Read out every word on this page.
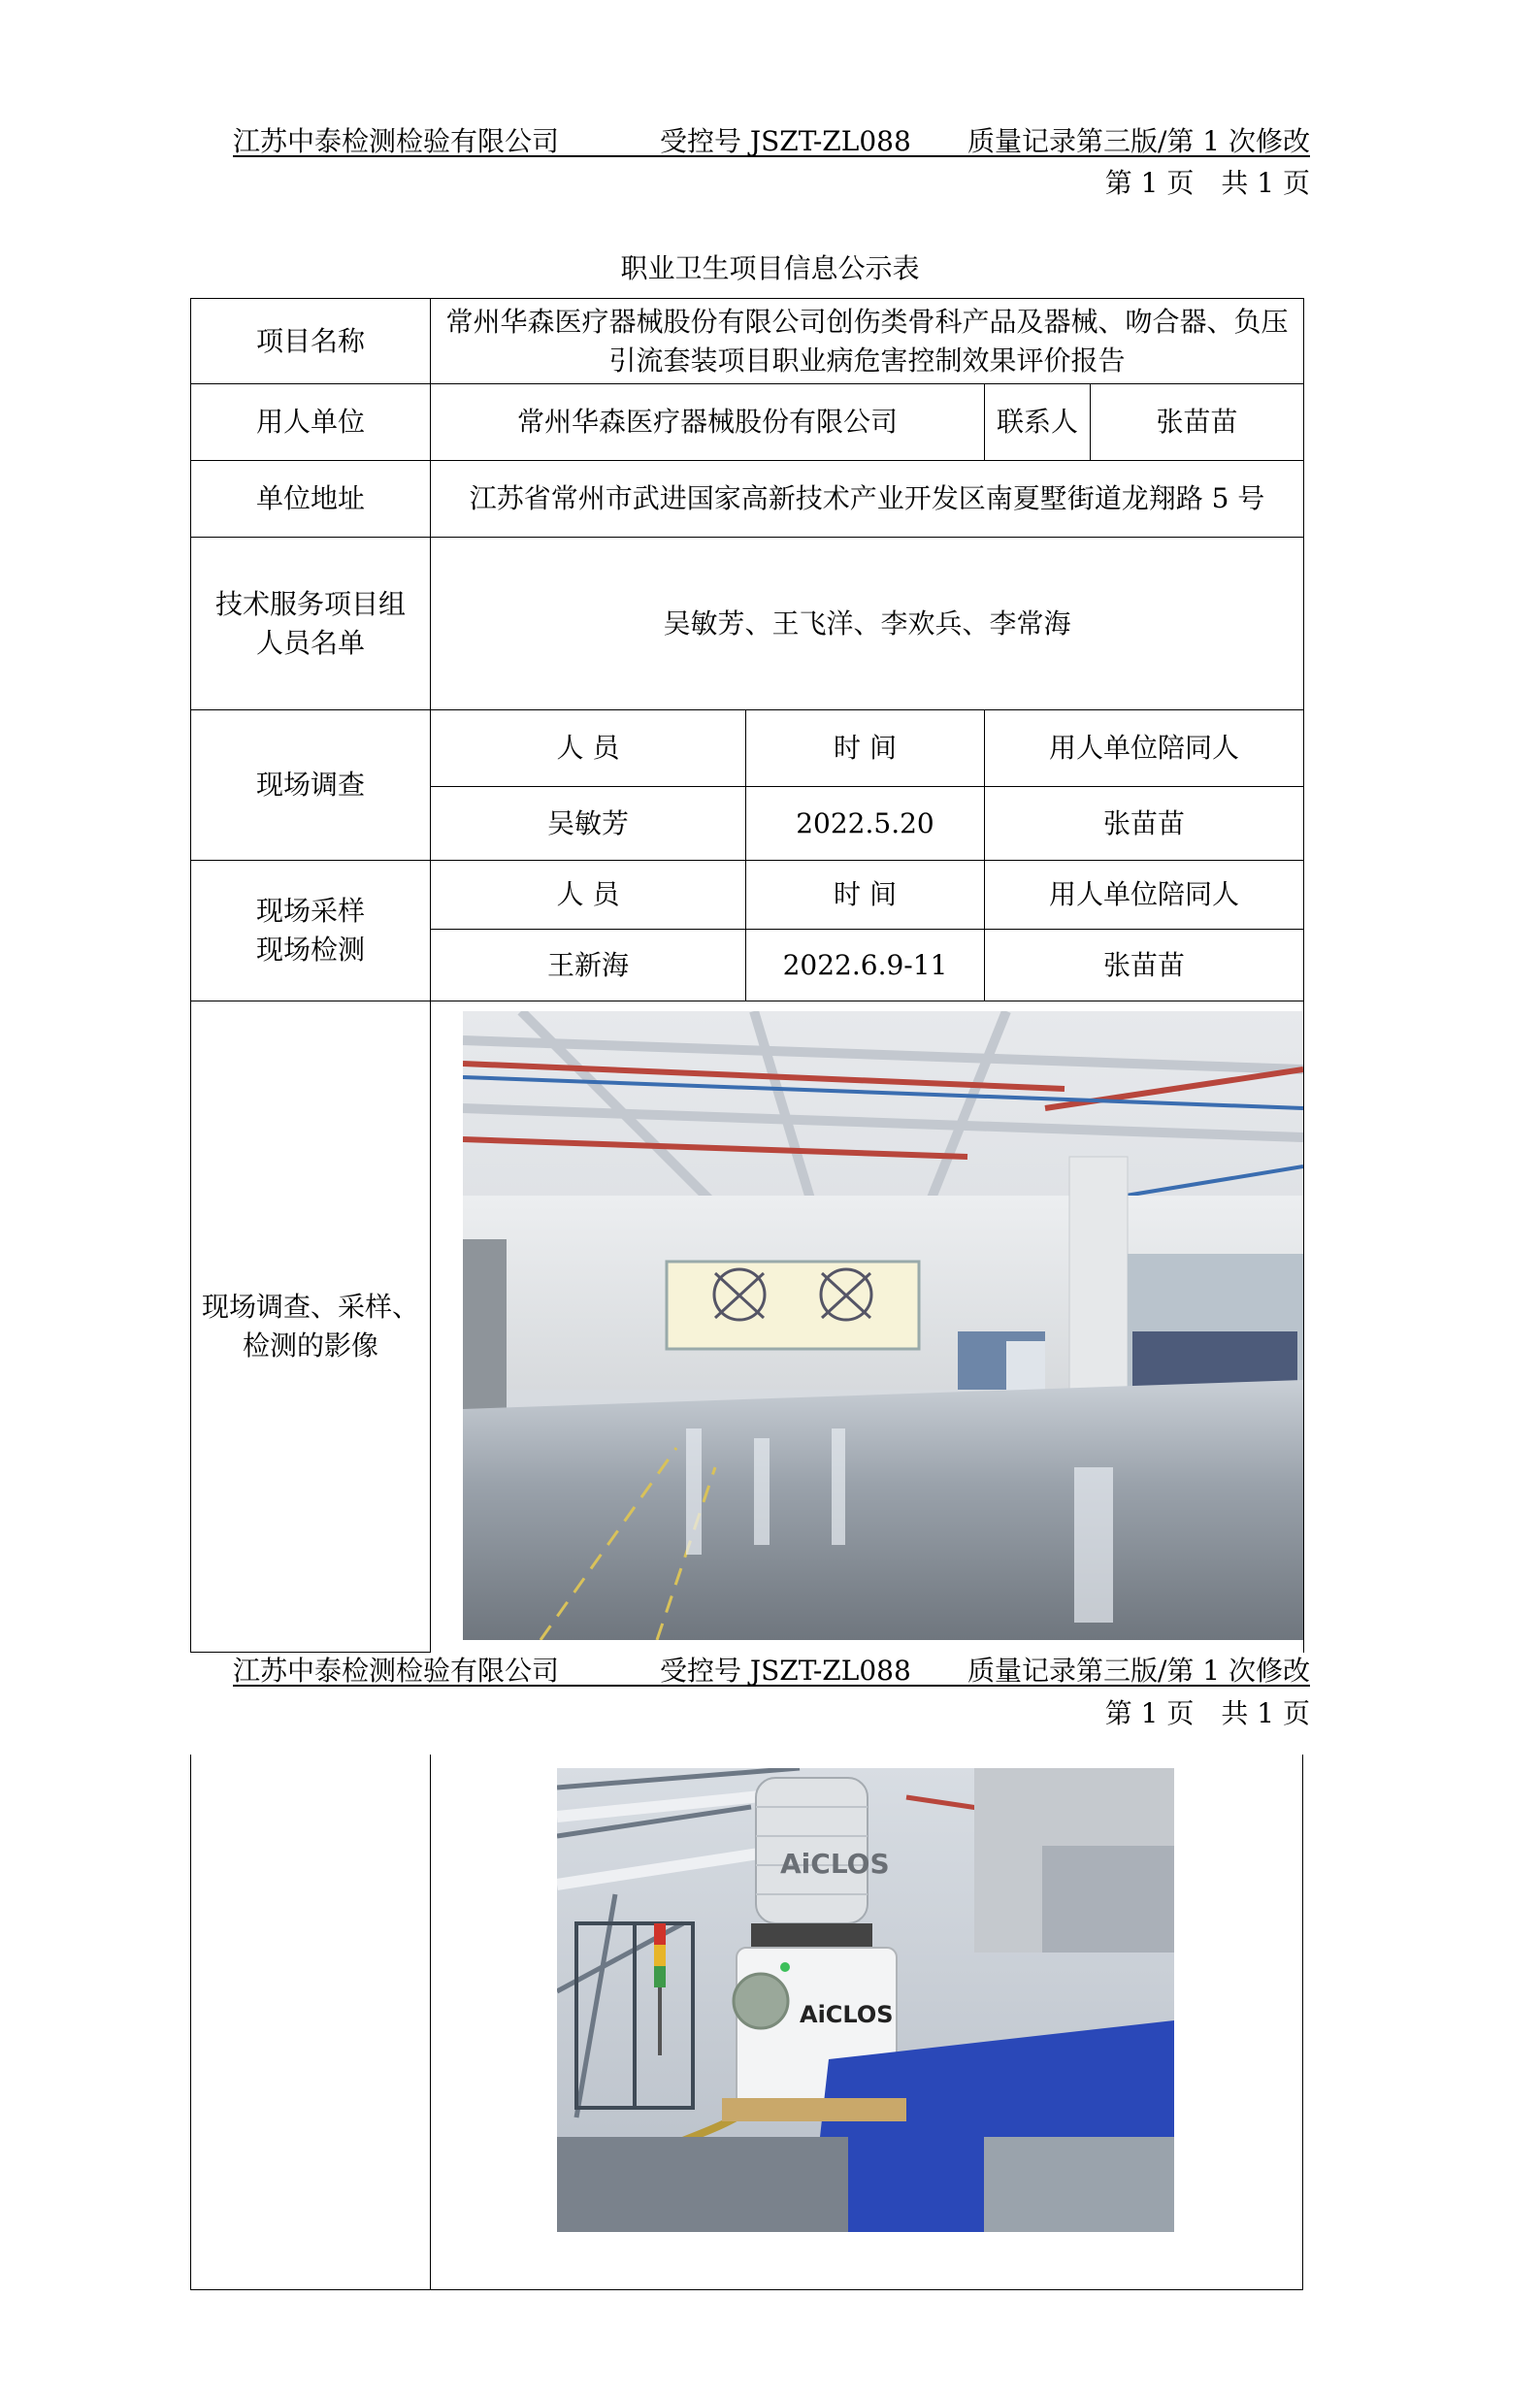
江苏中泰检测检验有限公司	受控号 JSZT-ZL088 质量记录第三版/第 1 次修改
第 1 页 共 1 页
职业卫生项目信息公示表
项目名称	常州华森医疗器械股份有限公司创伤类骨科产品及器械、吻合器、负压
引流套装项目职业病危害控制效果评价报告			

用人单位	常州华森医疗器械股份有限公司		联系人	张苗苗
单位地址	江苏省常州市武进国家高新技术产业开发区南夏墅街道龙翔路 5 号			

技术服务项目组
人员名单	吴敏芳、王飞洋、李欢兵、李常海			
现场调查	人 员	时 间	用人单位陪同人	
	吴敏芳	2022.5.20	张苗苗	

现场采样
现场检测	人 员	时 间	用人单位陪同人	
	王新海	2022.6.9-11	张苗苗	

现场调查、采样、
检测的影像

江苏中泰检测检验有限公司	受控号 JSZT-ZL088 质量记录第三版/第 1 次修改
第 1 页 共 1 页
AiCLOS
AiCLOS
